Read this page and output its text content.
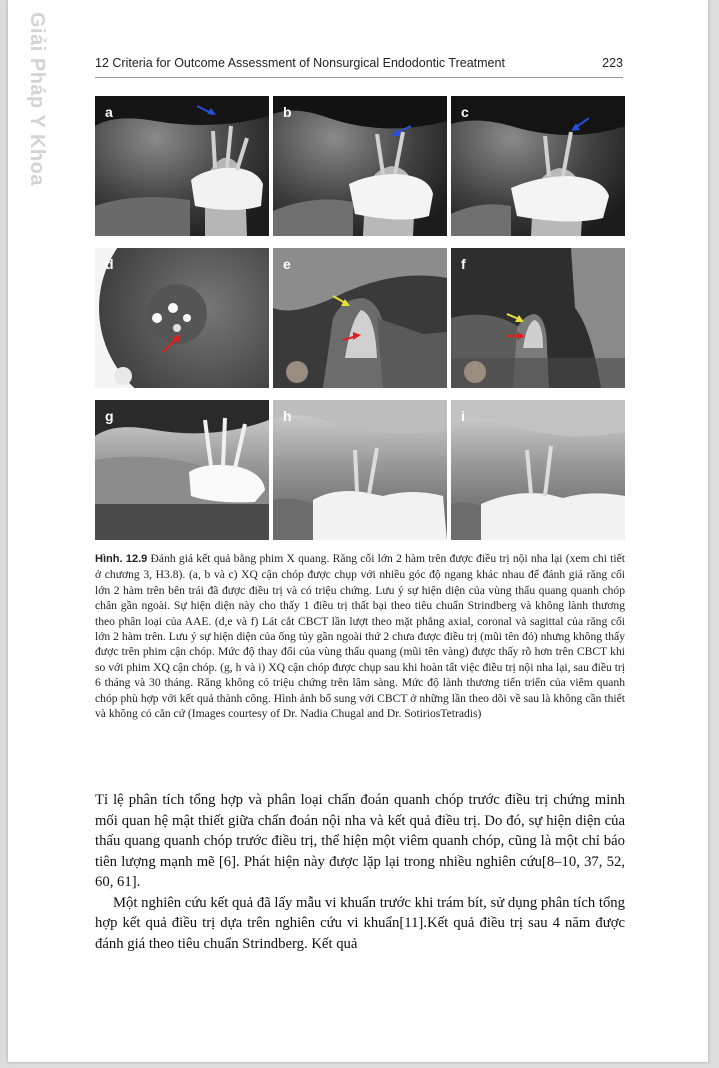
Giải Pháp Y Khoa	12 Criteria for Outcome Assessment of Nonsurgical Endodontic Treatment	223
a	b	c
d	e	f
g	h	i
Hình. 12.9 Đánh giá kết quả bằng phim X quang. Răng cối lớn 2 hàm trên được điều trị nội nha lại (xem chi tiết ở chương 3, H3.8). (a, b và c) XQ cận chóp được chụp với nhiều góc độ ngang khác nhau để đánh giá răng cối lớn 2 hàm trên bên trái đã được điều trị và có triệu chứng. Lưu ý sự hiện diện của vùng thấu quang quanh chóp chân gần ngoài. Sự hiện diện này cho thấy 1 điều trị thất bại theo tiêu chuẩn Strindberg và không lành thương theo phân loại của AAE. (d,e và f) Lát cắt CBCT lần lượt theo mặt phẳng axial, coronal và sagittal của răng cối lớn 2 hàm trên. Lưu ý sự hiện diện của ống tủy gần ngoài thứ 2 chưa được điều trị (mũi tên đỏ) nhưng không thấy được trên phim cận chóp. Mức độ thay đổi của vùng thấu quang (mũi tên vàng) được thấy rõ hơn trên CBCT khi so với phim XQ cận chóp. (g, h và i) XQ cận chóp được chụp sau khi hoàn tất việc điều trị nội nha lại, sau điều trị 6 tháng và 30 tháng. Răng không có triệu chứng trên lâm sàng. Mức độ lành thương tiến triển của viêm quanh chóp phù hợp với kết quả thành công. Hình ảnh bổ sung với CBCT ở những lần theo dõi về sau là không cần thiết và không có căn cứ (Images courtesy of Dr. Nadia Chugal and Dr. SotiriosTetradis)

Tỉ lệ phân tích tổng hợp và phân loại chẩn đoán quanh chóp trước điều trị chứng minh mối quan hệ mật thiết giữa chẩn đoán nội nha và kết quả điều trị. Do đó, sự hiện diện của thấu quang quanh chóp trước điều trị, thể hiện một viêm quanh chóp, cũng là một chỉ báo tiên lượng mạnh mẽ [6]. Phát hiện này được lặp lại trong nhiều nghiên cứu[8–10, 37, 52, 60, 61].

Một nghiên cứu kết quả đã lấy mẫu vi khuẩn trước khi trám bít, sử dụng phân tích tổng hợp kết quả điều trị dựa trên nghiên cứu vi khuẩn[11].Kết quả điều trị sau 4 năm được đánh giá theo tiêu chuẩn Strindberg. Kết quả
